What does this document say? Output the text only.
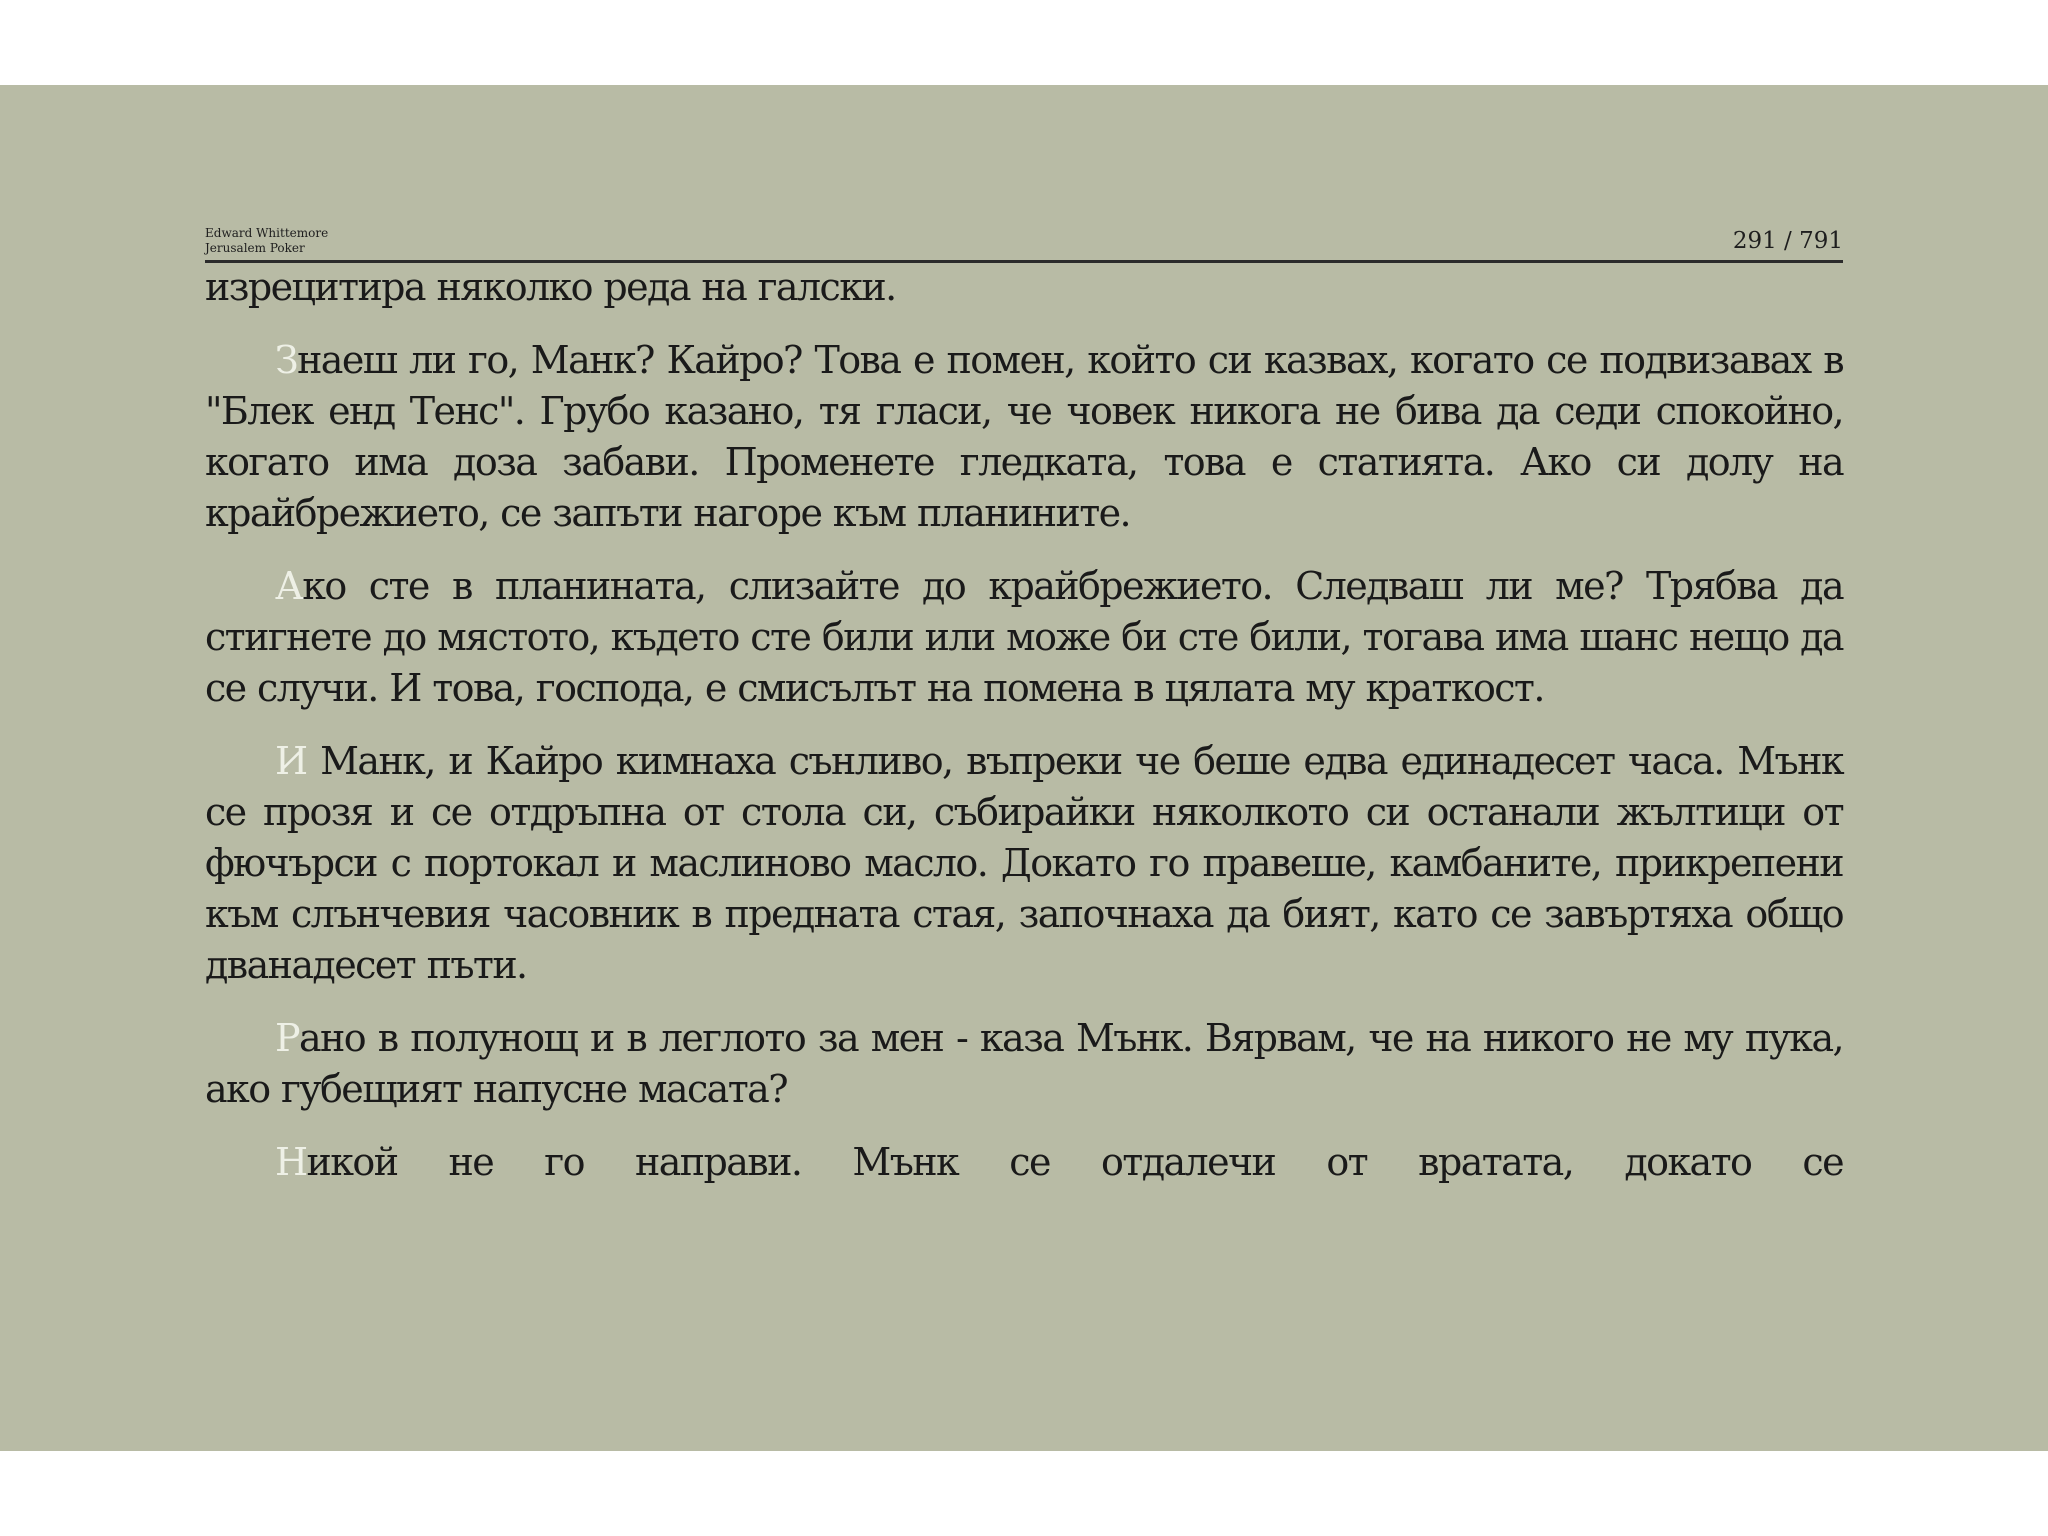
Edward Whittemore
Jerusalem Poker	291 / 791

изрецитира няколко реда на галски.

Знаеш ли го, Манк? Кайро? Това е помен, който си казвах, когато се подвизавах в "Блек енд Тенс". Грубо казано, тя гласи, че човек никога не бива да седи спокойно, когато има доза забави. Променете гледката, това е статията. Ако си долу на крайбрежието, се запъти нагоре към планините.

Ако сте в планината, слизайте до крайбрежието. Следваш ли ме? Трябва да стигнете до мястото, където сте били или може би сте били, тогава има шанс нещо да се случи. И това, господа, е смисълът на помена в цялата му краткост.

И Манк, и Кайро кимнаха сънливо, въпреки че беше едва единадесет часа. Мънк се прозя и се отдръпна от стола си, събирайки няколкото си останали жълтици от фючърси с портокал и маслиново масло. Докато го правеше, камбаните, прикрепени към слънчевия часовник в предната стая, започнаха да бият, като се завъртяха общо дванадесет пъти.

Рано в полунощ и в леглото за мен - каза Мънк. Вярвам, че на никого не му пука, ако губещият напусне масата?

Никой не го направи. Мънк се отдалечи от вратата, докато се
